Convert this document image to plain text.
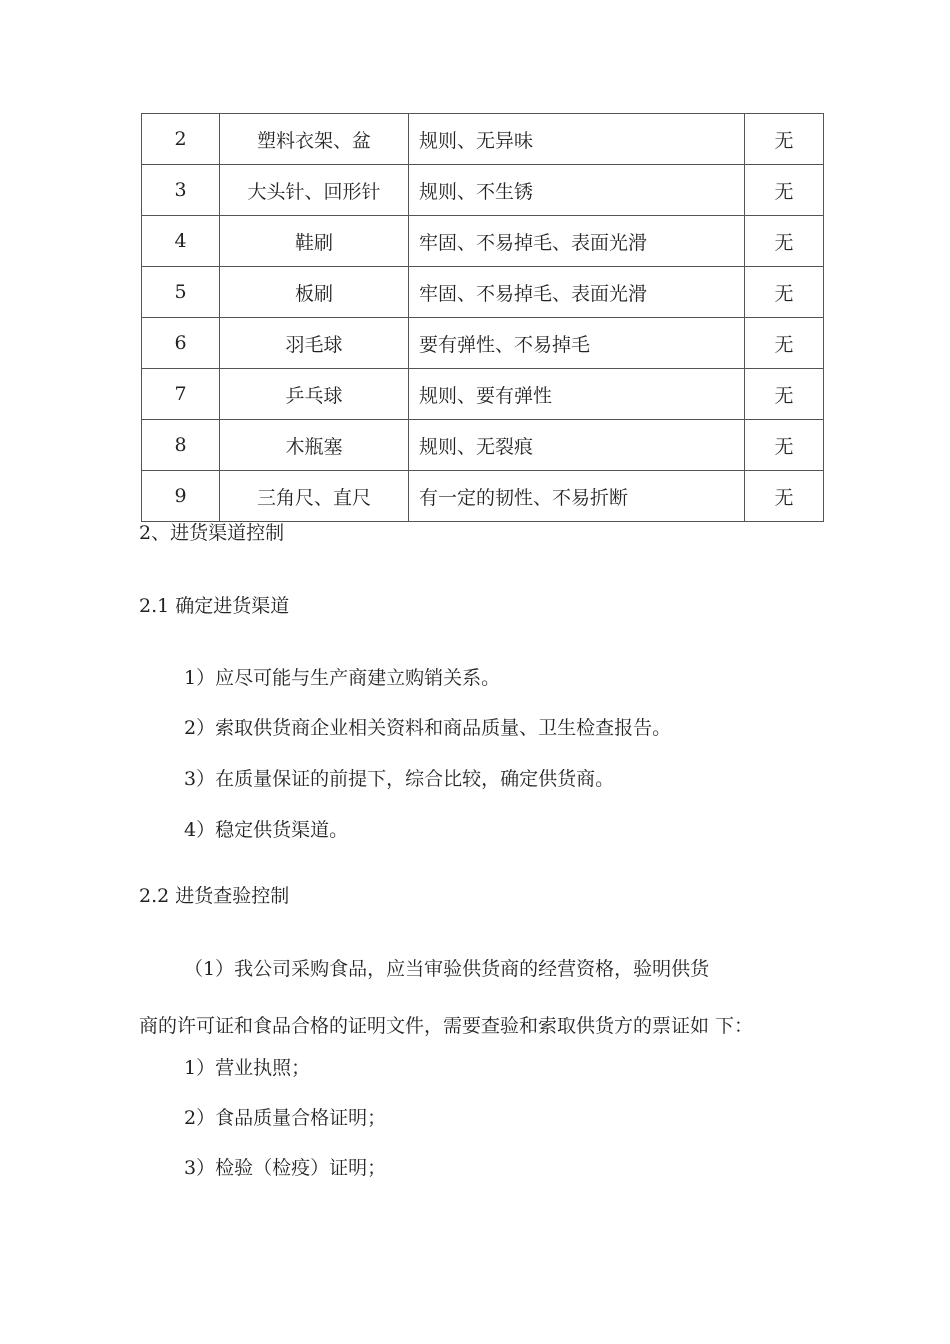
2	塑料衣架、盆	规则、无异味	无
3	大头针、回形针	规则、不生锈	无
4	鞋刷	牢固、不易掉毛、表面光滑	无
5	板刷	牢固、不易掉毛、表面光滑	无
6	羽毛球	要有弹性、不易掉毛	无
7	乒乓球	规则、要有弹性	无
8	木瓶塞	规则、无裂痕	无
9	三角尺、直尺	有一定的韧性、不易折断	无
2、进货渠道控制
2.1 确定进货渠道
1）应尽可能与生产商建立购销关系。
2）索取供货商企业相关资料和商品质量、卫生检查报告。
3）在质量保证的前提下，综合比较，确定供货商。
4）稳定供货渠道。
2.2 进货查验控制
（1）我公司采购食品，应当审验供货商的经营资格，验明供货
商的许可证和食品合格的证明文件，需要查验和索取供货方的票证如 下：
1）营业执照；
2）食品质量合格证明；
3）检验（检疫）证明；
